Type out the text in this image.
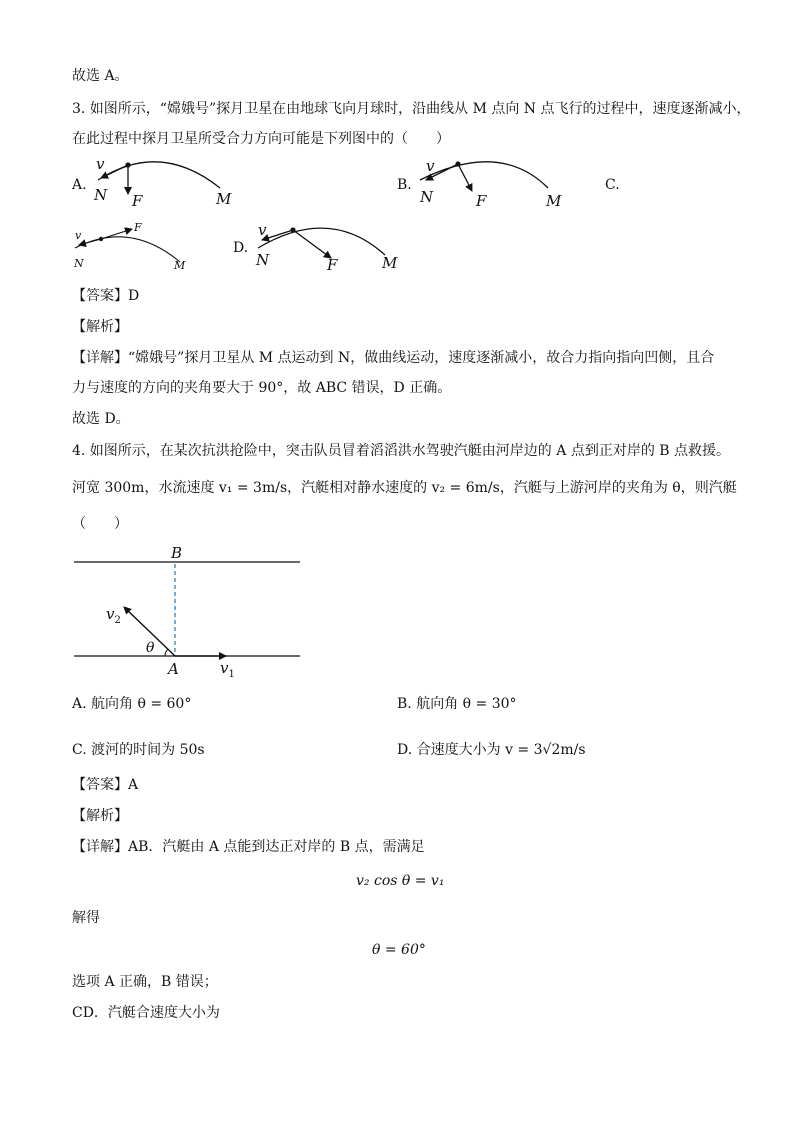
故选 A。
3. 如图所示，“嫦娥号”探月卫星在由地球飞向月球时，沿曲线从 M 点向 N 点飞行的过程中，速度逐渐减小，
在此过程中探月卫星所受合力方向可能是下列图中的（　　）
A.
v
N F	M
B.
v
N	F	M
C.
v
N
F
M
D.
v
N	F	M
【答案】D
【解析】
【详解】“嫦娥号”探月卫星从 M 点运动到 N，做曲线运动，速度逐渐减小，故合力指向指向凹侧，且合
力与速度的方向的夹角要大于 90°，故 ABC 错误，D 正确。
故选 D。
4. 如图所示，在某次抗洪抢险中，突击队员冒着滔滔洪水驾驶汽艇由河岸边的 A 点到正对岸的 B 点救援。
河宽 300m，水流速度 v₁ = 3m/s，汽艇相对静水速度的 v₂ = 6m/s，汽艇与上游河岸的夹角为 θ，则汽艇
（　　）
B
A
$v_2$
$v_1$
θ
A. 航向角 θ = 60°	B. 航向角 θ = 30°
C. 渡河的时间为 50s	D. 合速度大小为 v = 3√2m/s
【答案】A
【解析】
【详解】AB．汽艇由 A 点能到达正对岸的 B 点，需满足
v₂ cos θ = v₁
解得
θ = 60°
选项 A 正确，B 错误；
CD．汽艇合速度大小为
